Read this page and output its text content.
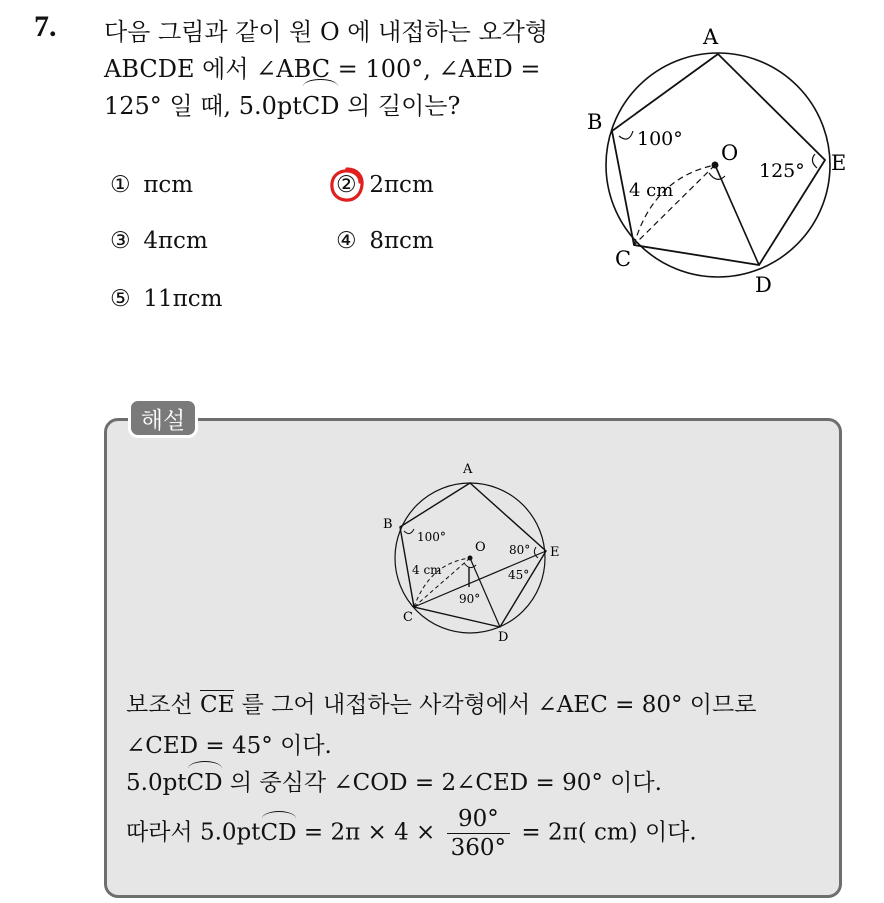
7. 다음 그림과 같이 원 O 에 내접하는 오각형
ABCDE 에서 ∠ABC = 100°, ∠AED =
125° 일 때, 5.0ptCD 의 길이는?
① πcm	② 2πcm
③ 4πcm	④ 8πcm
⑤ 11πcm
A
B
C
D
E
O
100°
125°
4 cm
해설
A
B
C
D
E
O
100°
80°
45°
90°
4 cm
보조선 CE 를 그어 내접하는 사각형에서 ∠AEC = 80° 이므로
∠CED = 45° 이다.
5.0ptCD 의 중심각 ∠COD = 2∠CED = 90° 이다.
따라서 5.0ptCD = $2\pi \times 4 \times \frac{90^\circ}{360^\circ} = 2\pi$( cm) 이다.
